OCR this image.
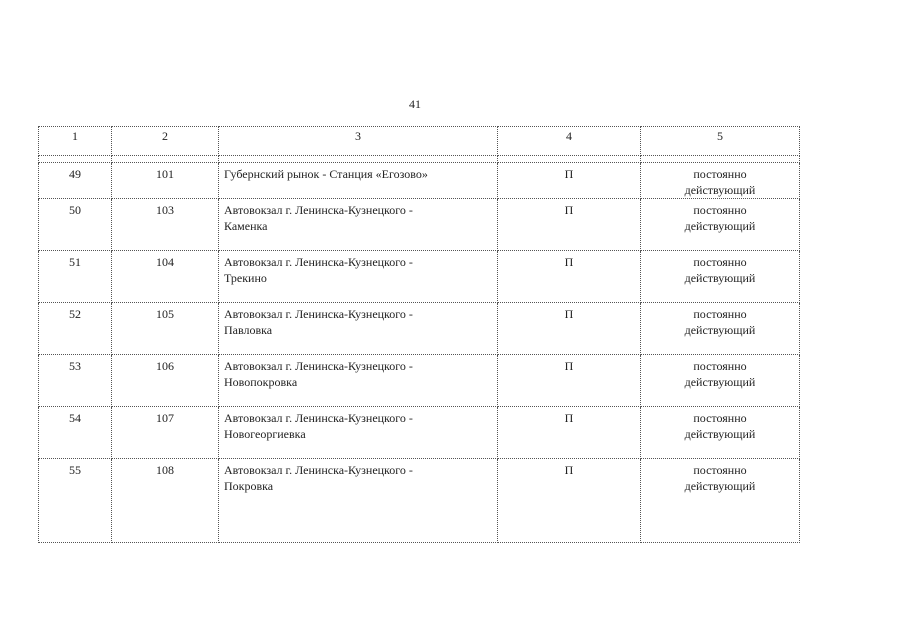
41
1	2	3	4	5

49	101	Губернский рынок - Станция «Егозово»	П	постоянно
действующий

50	103	Автовокзал г. Ленинска-Кузнецкого -
Каменка	П	постоянно
действующий

51	104	Автовокзал г. Ленинска-Кузнецкого -
Трекино	П	постоянно
действующий

52	105	Автовокзал г. Ленинска-Кузнецкого -
Павловка	П	постоянно
действующий

53	106	Автовокзал г. Ленинска-Кузнецкого -
Новопокровка	П	постоянно
действующий

54	107	Автовокзал г. Ленинска-Кузнецкого -
Новогеоргиевка	П	постоянно
действующий

55	108	Автовокзал г. Ленинска-Кузнецкого -
Покровка	П	постоянно
действующий
